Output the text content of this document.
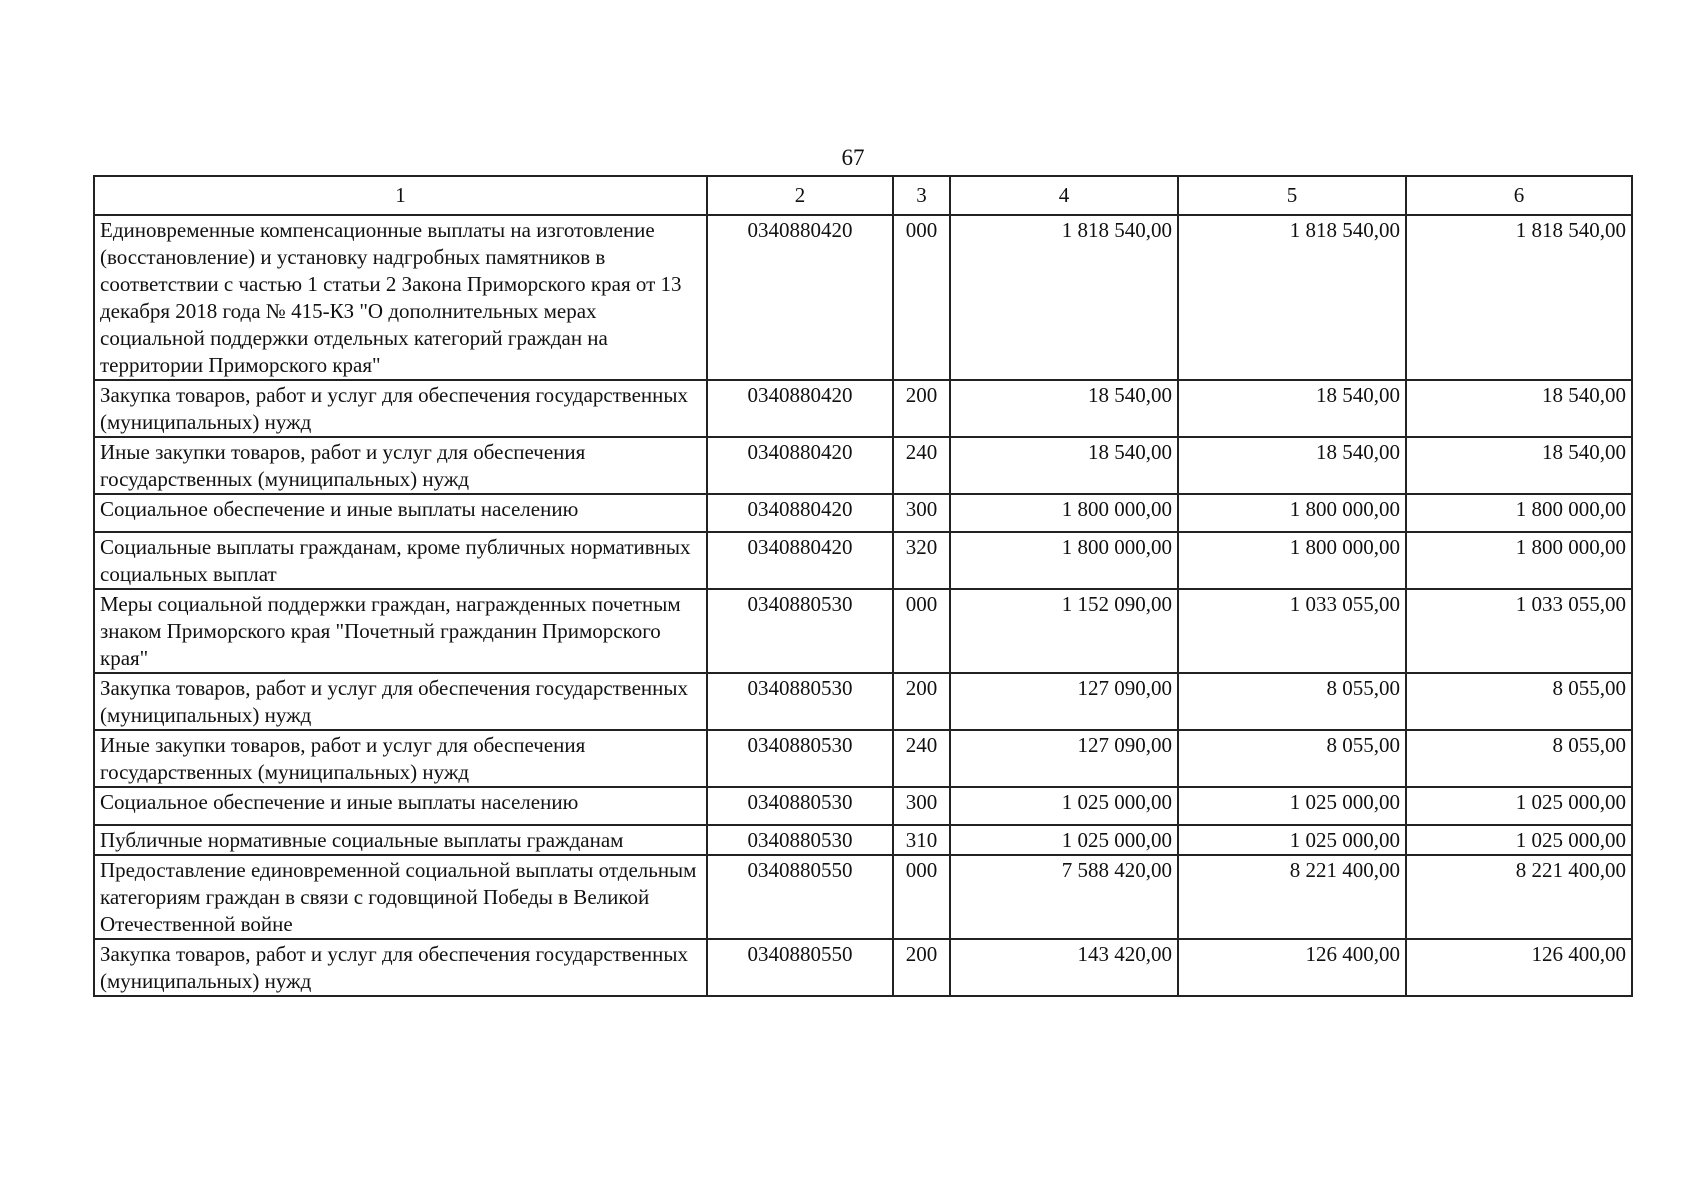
67
1	2	3	4	5	6
Единовременные компенсационные выплаты на изготовление (восстановление) и установку надгробных памятников в соответствии с частью 1 статьи 2 Закона Приморского края от 13 декабря 2018 года № 415-КЗ "О дополнительных мерах социальной поддержки отдельных категорий граждан на территории Приморского края"	0340880420	000	1 818 540,00	1 818 540,00	1 818 540,00
Закупка товаров, работ и услуг для обеспечения государственных (муниципальных) нужд	0340880420	200	18 540,00	18 540,00	18 540,00
Иные закупки товаров, работ и услуг для обеспечения государственных (муниципальных) нужд	0340880420	240	18 540,00	18 540,00	18 540,00
Социальное обеспечение и иные выплаты населению	0340880420	300	1 800 000,00	1 800 000,00	1 800 000,00
Социальные выплаты гражданам, кроме публичных нормативных социальных выплат	0340880420	320	1 800 000,00	1 800 000,00	1 800 000,00
Меры социальной поддержки граждан, награжденных почетным знаком Приморского края "Почетный гражданин Приморского края"	0340880530	000	1 152 090,00	1 033 055,00	1 033 055,00
Закупка товаров, работ и услуг для обеспечения государственных (муниципальных) нужд	0340880530	200	127 090,00	8 055,00	8 055,00
Иные закупки товаров, работ и услуг для обеспечения государственных (муниципальных) нужд	0340880530	240	127 090,00	8 055,00	8 055,00
Социальное обеспечение и иные выплаты населению	0340880530	300	1 025 000,00	1 025 000,00	1 025 000,00
Публичные нормативные социальные выплаты гражданам	0340880530	310	1 025 000,00	1 025 000,00	1 025 000,00
Предоставление единовременной социальной выплаты отдельным категориям граждан в связи с годовщиной Победы в Великой Отечественной войне	0340880550	000	7 588 420,00	8 221 400,00	8 221 400,00
Закупка товаров, работ и услуг для обеспечения государственных (муниципальных) нужд	0340880550	200	143 420,00	126 400,00	126 400,00
